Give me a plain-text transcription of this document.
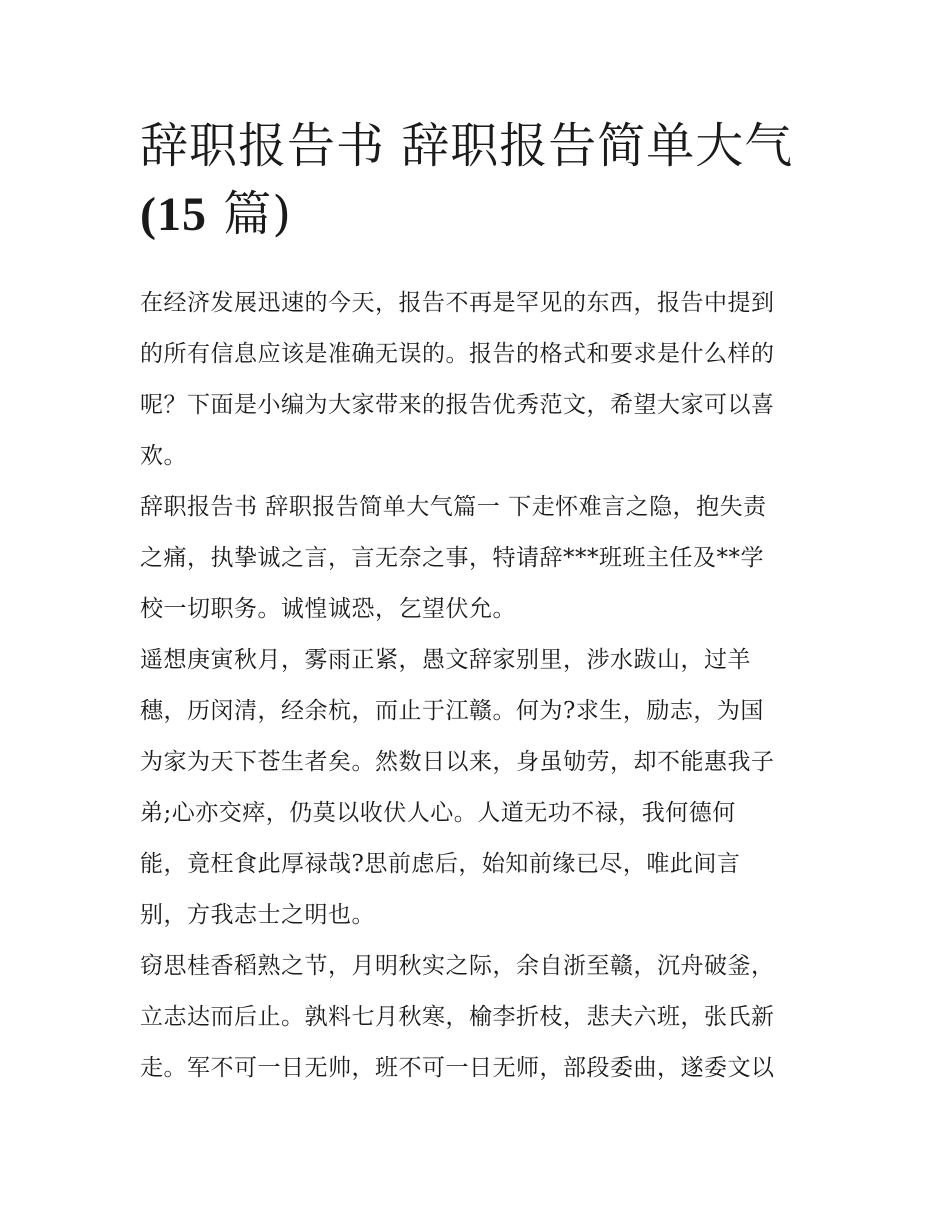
辞职报告书 辞职报告简单大气
(15 篇)

在经济发展迅速的今天，报告不再是罕见的东西，报告中提到
的所有信息应该是准确无误的。报告的格式和要求是什么样的
呢？下面是小编为大家带来的报告优秀范文，希望大家可以喜
欢。

辞职报告书 辞职报告简单大气篇一 下走怀难言之隐，抱失责
之痛，执挚诚之言，言无奈之事，特请辞***班班主任及**学
校一切职务。诚惶诚恐，乞望伏允。

遥想庚寅秋月，雾雨正紧，愚文辞家别里，涉水跋山，过羊
穗，历闵清，经余杭，而止于江赣。何为?求生，励志，为国
为家为天下苍生者矣。然数日以来，身虽劬劳，却不能惠我子
弟;心亦交瘁，仍莫以收伏人心。人道无功不禄，我何德何
能，竟枉食此厚禄哉?思前虑后，始知前缘已尽，唯此间言
别，方我志士之明也。

窃思桂香稻熟之节，月明秋实之际，余自浙至赣，沉舟破釜，
立志达而后止。孰料七月秋寒，榆李折枝，悲夫六班，张氏新
走。军不可一日无帅，班不可一日无师，部段委曲，遂委文以
